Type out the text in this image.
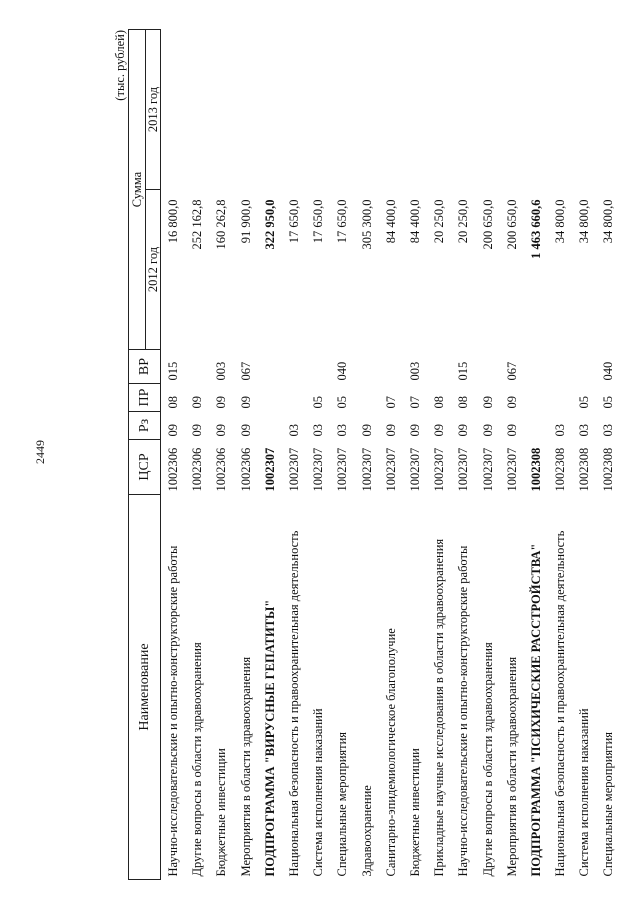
2449
(тыс. рублей)
Наименование	ЦСР	Рз	ПР	ВР	Сумма	
					2012 год	2013 год
Научно-исследовательские и опытно-конструкторские работы	1002306	09	08	015	16 800,0	
Другие вопросы в области здравоохранения	1002306	09	09		252 162,8	
Бюджетные инвестиции	1002306	09	09	003	160 262,8	
Мероприятия в области здравоохранения	1002306	09	09	067	91 900,0	
ПОДПРОГРАММА "ВИРУСНЫЕ ГЕПАТИТЫ"	1002307				322 950,0	
Национальная безопасность и правоохранительная деятельность	1002307	03			17 650,0	
Система исполнения наказаний	1002307	03	05		17 650,0	
Специальные мероприятия	1002307	03	05	040	17 650,0	
Здравоохранение	1002307	09			305 300,0	
Санитарно-эпидемиологическое благополучие	1002307	09	07		84 400,0	
Бюджетные инвестиции	1002307	09	07	003	84 400,0	
Прикладные научные исследования в области здравоохранения	1002307	09	08		20 250,0	
Научно-исследовательские и опытно-конструкторские работы	1002307	09	08	015	20 250,0	
Другие вопросы в области здравоохранения	1002307	09	09		200 650,0	
Мероприятия в области здравоохранения	1002307	09	09	067	200 650,0	
ПОДПРОГРАММА "ПСИХИЧЕСКИЕ РАССТРОЙСТВА"	1002308				1 463 660,6	
Национальная безопасность и правоохранительная деятельность	1002308	03			34 800,0	
Система исполнения наказаний	1002308	03	05		34 800,0	
Специальные мероприятия	1002308	03	05	040	34 800,0	
